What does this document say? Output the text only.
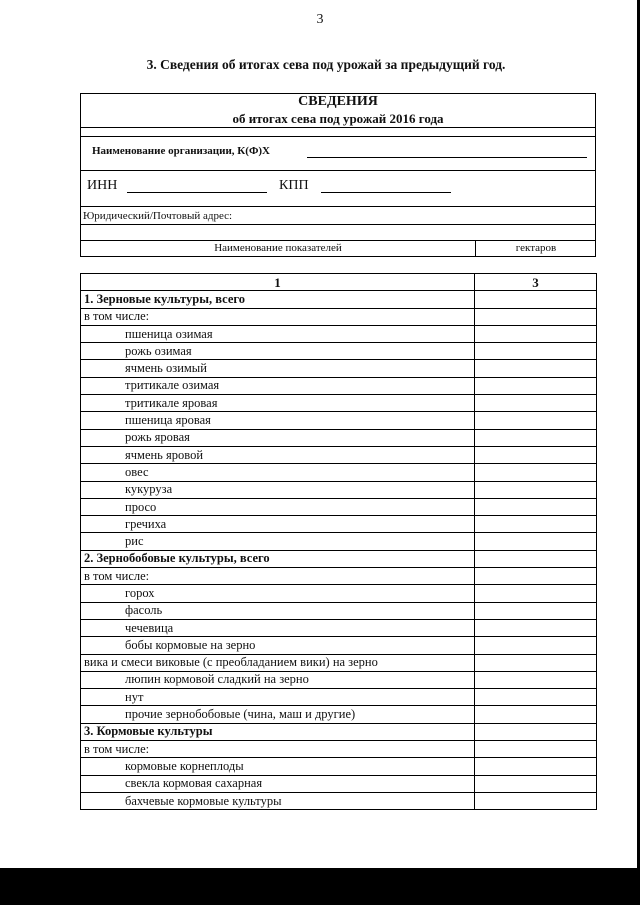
3
3. Сведения об итогах сева под урожай за предыдущий год.
СВЕДЕНИЯ
об итогах сева под урожай 2016 года
Наименование организации, К(Ф)Х
ИНН	КПП
Юридический/Почтовый адрес:
Наименование показателей	гектаров
1	3
1. Зерновые культуры, всего	
в том числе:	
пшеница озимая	
рожь озимая	
ячмень озимый	
тритикале озимая	
тритикале яровая	
пшеница яровая	
рожь яровая	
ячмень яровой	
овес	
кукуруза	
просо	
гречиха	
рис	
2. Зернобобовые культуры, всего	
в том числе:	
горох	
фасоль	
чечевица	
бобы кормовые на зерно	
вика и смеси виковые (с преобладанием вики) на зерно	
люпин кормовой сладкий на зерно	
нут	
прочие зернобобовые (чина, маш и другие)	
3. Кормовые культуры	
в том числе:	
кормовые корнеплоды	
свекла кормовая сахарная	
бахчевые кормовые культуры	
